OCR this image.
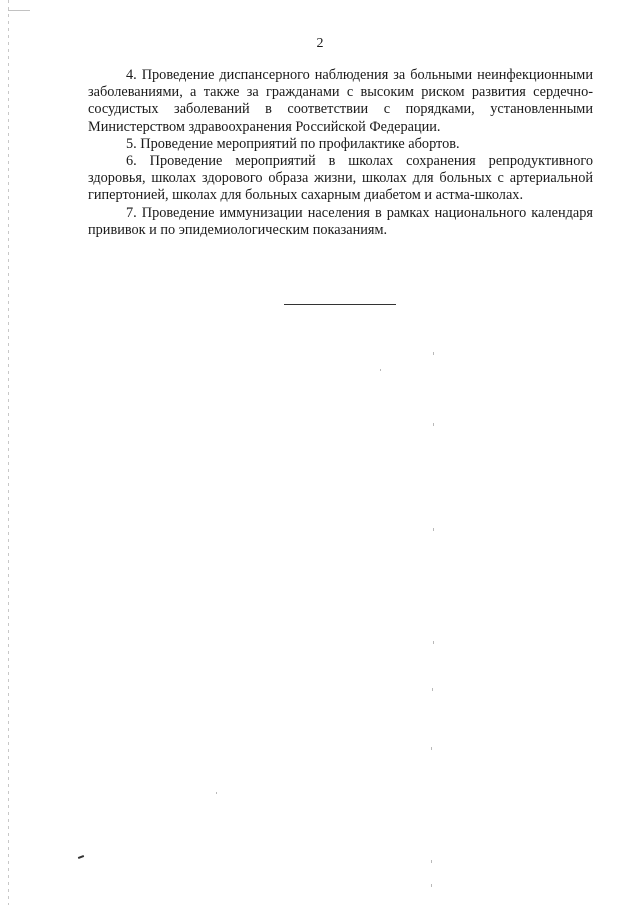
2

4. Проведение диспансерного наблюдения за больными неинфекционными заболеваниями, а также за гражданами с высоким риском развития сердечно-сосудистых заболеваний в соответствии с порядками, установленными Министерством здравоохранения Российской Федерации.

5. Проведение мероприятий по профилактике абортов.

6. Проведение мероприятий в школах сохранения репродуктивного здоровья, школах здорового образа жизни, школах для больных с артериальной гипертонией, школах для больных сахарным диабетом и астма-школах.

7. Проведение иммунизации населения в рамках национального календаря прививок и по эпидемиологическим показаниям.
